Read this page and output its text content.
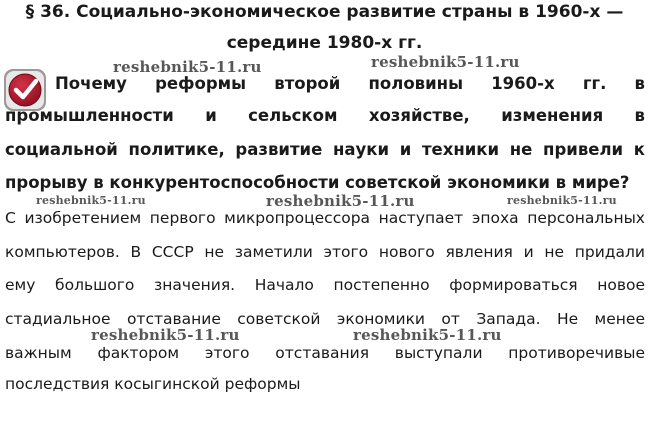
§ 36. Социально-экономическое развитие страны в 1960-х —
середине 1980-х гг.
Почему реформы второй половины 1960-х гг. в
промышленности и сельском хозяйстве, изменения в
социальной политике, развитие науки и техники не привели к
прорыву в конкурентоспособности советской экономики в мире?
С изобретением первого микропроцессора наступает эпоха персональных
компьютеров. В СССР не заметили этого нового явления и не придали
ему большого значения. Начало постепенно формироваться новое
стадиальное отставание советской экономики от Запада. Не менее
важным фактором этого отставания выступали противоречивые
последствия косыгинской реформы
reshebnik5-11.ru	reshebnik5-11.ru
reshebnik5-11.ru	reshebnik5-11.ru	reshebnik5-11.ru
reshebnik5-11.ru	reshebnik5-11.ru
